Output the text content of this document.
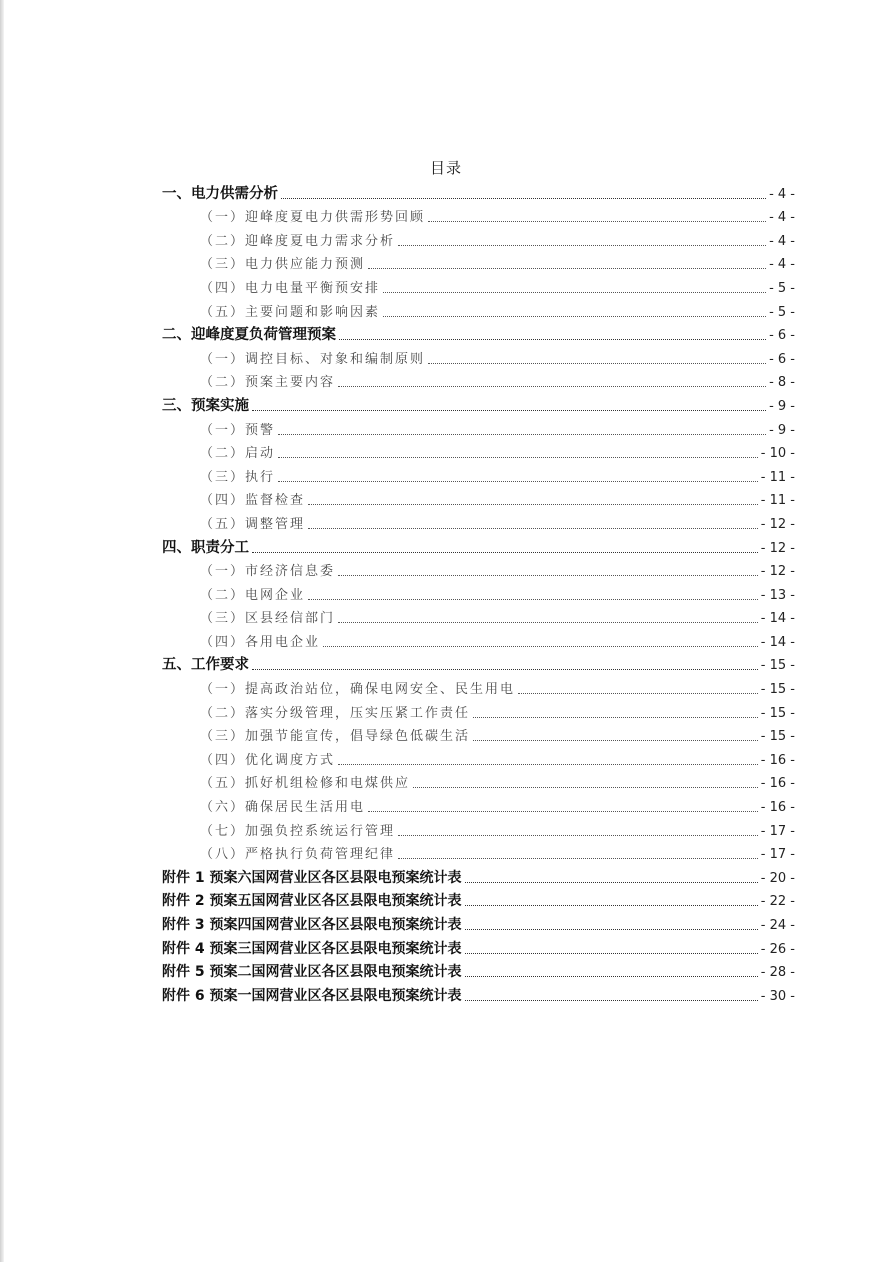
目录
一、电力供需分析	- 4 -
（一）迎峰度夏电力供需形势回顾	- 4 -
（二）迎峰度夏电力需求分析	- 4 -
（三）电力供应能力预测	- 4 -
（四）电力电量平衡预安排	- 5 -
（五）主要问题和影响因素	- 5 -
二、迎峰度夏负荷管理预案	- 6 -
（一）调控目标、对象和编制原则	- 6 -
（二）预案主要内容	- 8 -
三、预案实施	- 9 -
（一）预警	- 9 -
（二）启动	- 10 -
（三）执行	- 11 -
（四）监督检查	- 11 -
（五）调整管理	- 12 -
四、职责分工	- 12 -
（一）市经济信息委	- 12 -
（二）电网企业	- 13 -
（三）区县经信部门	- 14 -
（四）各用电企业	- 14 -
五、工作要求	- 15 -
（一）提高政治站位，确保电网安全、民生用电	- 15 -
（二）落实分级管理，压实压紧工作责任	- 15 -
（三）加强节能宣传，倡导绿色低碳生活	- 15 -
（四）优化调度方式	- 16 -
（五）抓好机组检修和电煤供应	- 16 -
（六）确保居民生活用电	- 16 -
（七）加强负控系统运行管理	- 17 -
（八）严格执行负荷管理纪律	- 17 -
附件 1 预案六国网营业区各区县限电预案统计表	- 20 -
附件 2 预案五国网营业区各区县限电预案统计表	- 22 -
附件 3 预案四国网营业区各区县限电预案统计表	- 24 -
附件 4 预案三国网营业区各区县限电预案统计表	- 26 -
附件 5 预案二国网营业区各区县限电预案统计表	- 28 -
附件 6 预案一国网营业区各区县限电预案统计表	- 30 -
